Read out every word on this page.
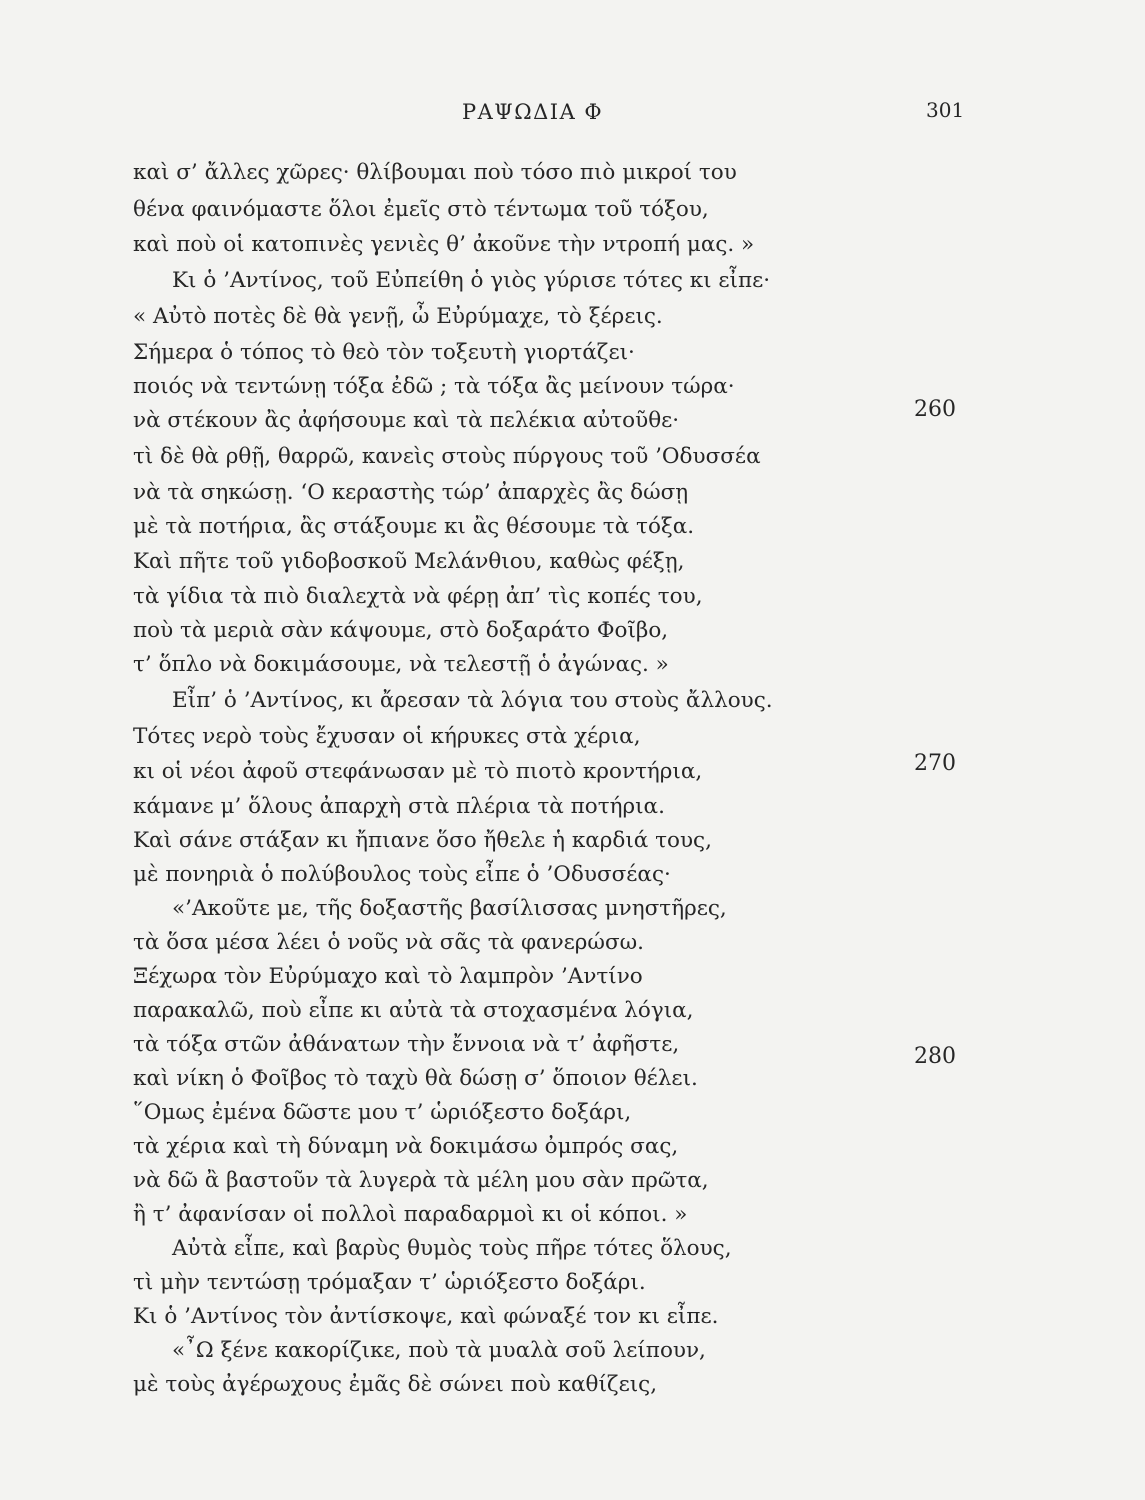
ΡΑΨΩΔΙΑ Φ	301
καὶ σ’ ἄλλες χῶρες· θλίβουμαι ποὺ τόσο πιὸ μικροί του
θένα φαινόμαστε ὅλοι ἐμεῖς στὸ τέντωμα τοῦ τόξου,
καὶ ποὺ οἱ κατοπινὲς γενιὲς θ’ ἀκοῦνε τὴν ντροπή μας. »
Κι ὁ ’Αντίνος, τοῦ Εὐπείθη ὁ γιὸς γύρισε τότες κι εἶπε·
« Αὐτὸ ποτὲς δὲ θὰ γενῇ, ὦ Εὐρύμαχε, τὸ ξέρεις.
Σήμερα ὁ τόπος τὸ θεὸ τὸν τοξευτὴ γιορτάζει·
ποιός νὰ τεντώνῃ τόξα ἐδῶ ; τὰ τόξα ἂς μείνουν τώρα·
νὰ στέκουν ἂς ἀφήσουμε καὶ τὰ πελέκια αὐτοῦθε·	260
τὶ δὲ θὰ ρθῇ, θαρρῶ, κανεὶς στοὺς πύργους τοῦ ’Οδυσσέα
νὰ τὰ σηκώσῃ. ‘Ο κεραστὴς τώρ’ ἀπαρχὲς ἂς δώσῃ
μὲ τὰ ποτήρια, ἂς στάξουμε κι ἂς θέσουμε τὰ τόξα.
Καὶ πῆτε τοῦ γιδοβοσκοῦ Μελάνθιου, καθὼς φέξῃ,
τὰ γίδια τὰ πιὸ διαλεχτὰ νὰ φέρῃ ἀπ’ τὶς κοπές του,
ποὺ τὰ μεριὰ σὰν κάψουμε, στὸ δοξαράτο Φοῖβο,
τ’ ὅπλο νὰ δοκιμάσουμε, νὰ τελεστῇ ὁ ἀγώνας. »
Εἶπ’ ὁ ’Αντίνος, κι ἄρεσαν τὰ λόγια του στοὺς ἄλλους.
Τότες νερὸ τοὺς ἔχυσαν οἱ κήρυκες στὰ χέρια,
κι οἱ νέοι ἀφοῦ στεφάνωσαν μὲ τὸ πιοτὸ κροντήρια,	270
κάμανε μ’ ὅλους ἀπαρχὴ στὰ πλέρια τὰ ποτήρια.
Καὶ σάνε στάξαν κι ἤπιανε ὅσο ἤθελε ἡ καρδιά τους,
μὲ πονηριὰ ὁ πολύβουλος τοὺς εἶπε ὁ ’Οδυσσέας·
«’Ακοῦτε με, τῆς δοξαστῆς βασίλισσας μνηστῆρες,
τὰ ὅσα μέσα λέει ὁ νοῦς νὰ σᾶς τὰ φανερώσω.
Ξέχωρα τὸν Εὐρύμαχο καὶ τὸ λαμπρὸν ’Αντίνο
παρακαλῶ, ποὺ εἶπε κι αὐτὰ τὰ στοχασμένα λόγια,
τὰ τόξα στῶν ἀθάνατων τὴν ἔννοια νὰ τ’ ἀφῆστε,
καὶ νίκη ὁ Φοῖβος τὸ ταχὺ θὰ δώσῃ σ’ ὅποιον θέλει.
280
῞Ομως ἐμένα δῶστε μου τ’ ὡριόξεστο δοξάρι,
τὰ χέρια καὶ τὴ δύναμη νὰ δοκιμάσω ὀμπρός σας,
νὰ δῶ ἂ βαστοῦν τὰ λυγερὰ τὰ μέλη μου σὰν πρῶτα,
ἢ τ’ ἀφανίσαν οἱ πολλοὶ παραδαρμοὶ κι οἱ κόποι. »
Αὐτὰ εἶπε, καὶ βαρὺς θυμὸς τοὺς πῆρε τότες ὅλους,
τὶ μὴν τεντώσῃ τρόμαξαν τ’ ὡριόξεστο δοξάρι.
Κι ὁ ’Αντίνος τὸν ἀντίσκοψε, καὶ φώναξέ τον κι εἶπε.
«῏Ω ξένε κακορίζικε, ποὺ τὰ μυαλὰ σοῦ λείπουν,
μὲ τοὺς ἀγέρωχους ἐμᾶς δὲ σώνει ποὺ καθίζεις,
